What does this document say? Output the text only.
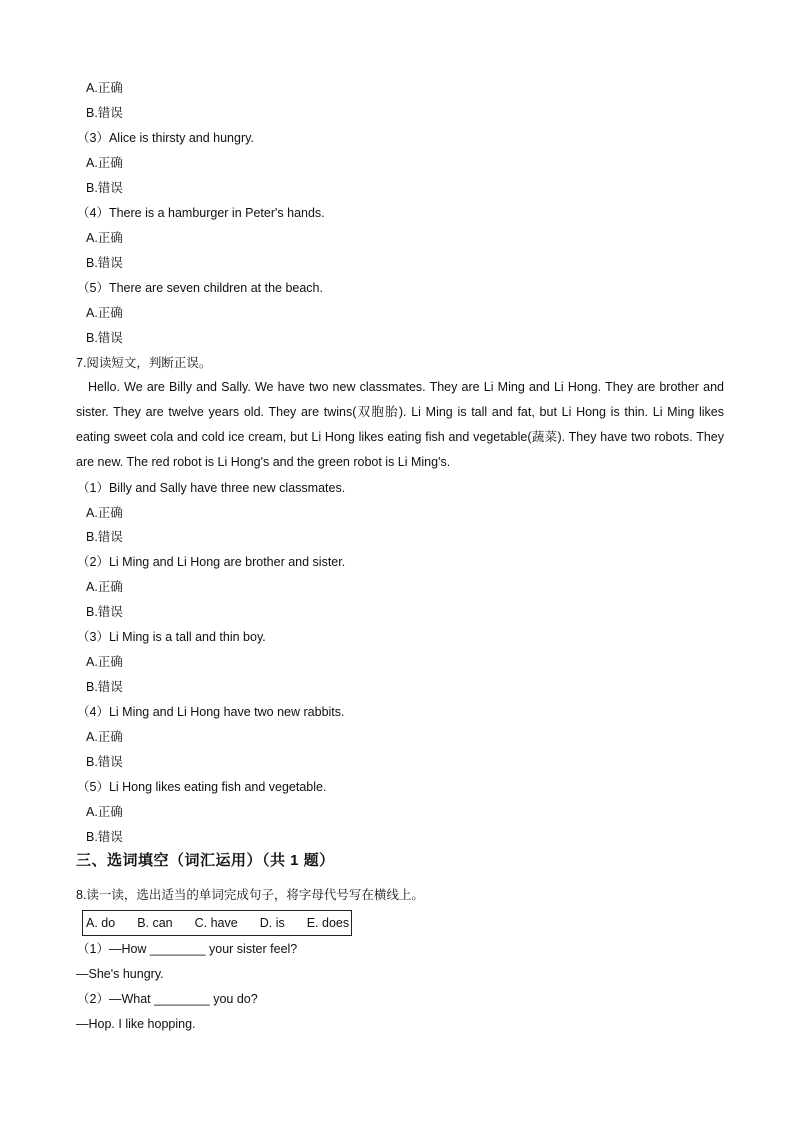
A.正确
B.错误
（3）Alice is thirsty and hungry.
A.正确
B.错误
（4）There is a hamburger in Peter's hands.
A.正确
B.错误
（5）There are seven children at the beach.
A.正确
B.错误
7.阅读短文，判断正误。

Hello. We are Billy and Sally. We have two new classmates. They are Li Ming and Li Hong. They are brother and sister. They are twelve years old. They are twins(双胞胎). Li Ming is tall and fat, but Li Hong is thin. Li Ming likes eating sweet cola and cold ice cream, but Li Hong likes eating fish and vegetable(蔬菜). They have two robots. They are new. The red robot is Li Hong's and the green robot is Li Ming's.

（1）Billy and Sally have three new classmates.
A.正确
B.错误
（2）Li Ming and Li Hong are brother and sister.
A.正确
B.错误
（3）Li Ming is a tall and thin boy.
A.正确
B.错误
（4）Li Ming and Li Hong have two new rabbits.
A.正确
B.错误
（5）Li Hong likes eating fish and vegetable.
A.正确
B.错误
三、选词填空（词汇运用）（共 1 题）
8.读一读，选出适当的单词完成句子，将字母代号写在横线上。
A. do B. can C. have D. is E. does
（1）—How ________ your sister feel?
—She's hungry.
（2）—What ________ you do?
—Hop. I like hopping.
